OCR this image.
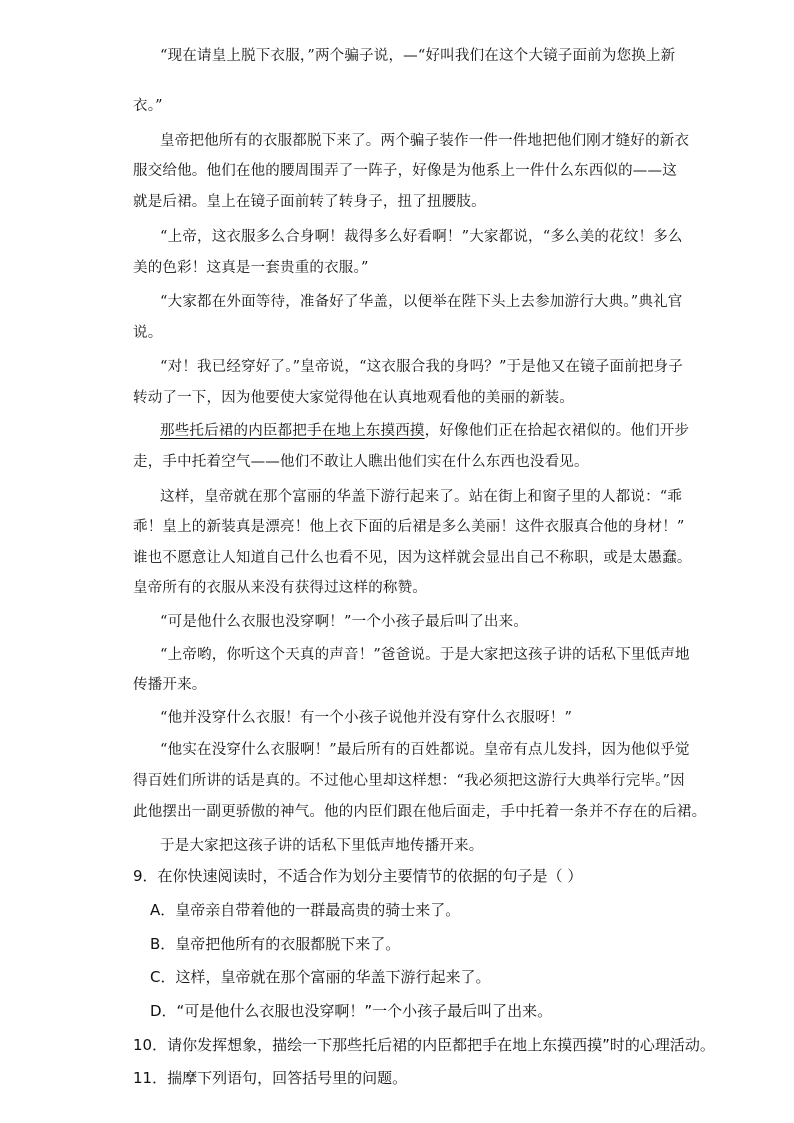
“现在请皇上脱下衣服，”两个骗子说，—“好叫我们在这个大镜子面前为您换上新
衣。”
皇帝把他所有的衣服都脱下来了。两个骗子装作一件一件地把他们刚才缝好的新衣
服交给他。他们在他的腰周围弄了一阵子，好像是为他系上一件什么东西似的——这
就是后裙。皇上在镜子面前转了转身子，扭了扭腰肢。
“上帝，这衣服多么合身啊！裁得多么好看啊！”大家都说，“多么美的花纹！多么
美的色彩！这真是一套贵重的衣服。”
“大家都在外面等待，准备好了华盖，以便举在陛下头上去参加游行大典。”典礼官
说。
“对！我已经穿好了。”皇帝说，“这衣服合我的身吗？”于是他又在镜子面前把身子
转动了一下，因为他要使大家觉得他在认真地观看他的美丽的新装。
那些托后裙的内臣都把手在地上东摸西摸，好像他们正在拾起衣裙似的。他们开步
走，手中托着空气——他们不敢让人瞧出他们实在什么东西也没看见。
这样，皇帝就在那个富丽的华盖下游行起来了。站在街上和窗子里的人都说：“乖
乖！皇上的新装真是漂亮！他上衣下面的后裙是多么美丽！这件衣服真合他的身材！”
谁也不愿意让人知道自己什么也看不见，因为这样就会显出自己不称职，或是太愚蠢。
皇帝所有的衣服从来没有获得过这样的称赞。
“可是他什么衣服也没穿啊！”一个小孩子最后叫了出来。
“上帝哟，你听这个天真的声音！”爸爸说。于是大家把这孩子讲的话私下里低声地
传播开来。
“他并没穿什么衣服！有一个小孩子说他并没有穿什么衣服呀！”
“他实在没穿什么衣服啊！”最后所有的百姓都说。皇帝有点儿发抖，因为他似乎觉
得百姓们所讲的话是真的。不过他心里却这样想：“我必须把这游行大典举行完毕。”因
此他摆出一副更骄傲的神气。他的内臣们跟在他后面走，手中托着一条并不存在的后裙。
于是大家把这孩子讲的话私下里低声地传播开来。
9．在你快速阅读时，不适合作为划分主要情节的依据的句子是（ ）
A．皇帝亲自带着他的一群最高贵的骑士来了。
B．皇帝把他所有的衣服都脱下来了。
C．这样，皇帝就在那个富丽的华盖下游行起来了。
D．“可是他什么衣服也没穿啊！”一个小孩子最后叫了出来。
10．请你发挥想象，描绘一下那些托后裙的内臣都把手在地上东摸西摸”时的心理活动。
11．揣摩下列语句，回答括号里的问题。
